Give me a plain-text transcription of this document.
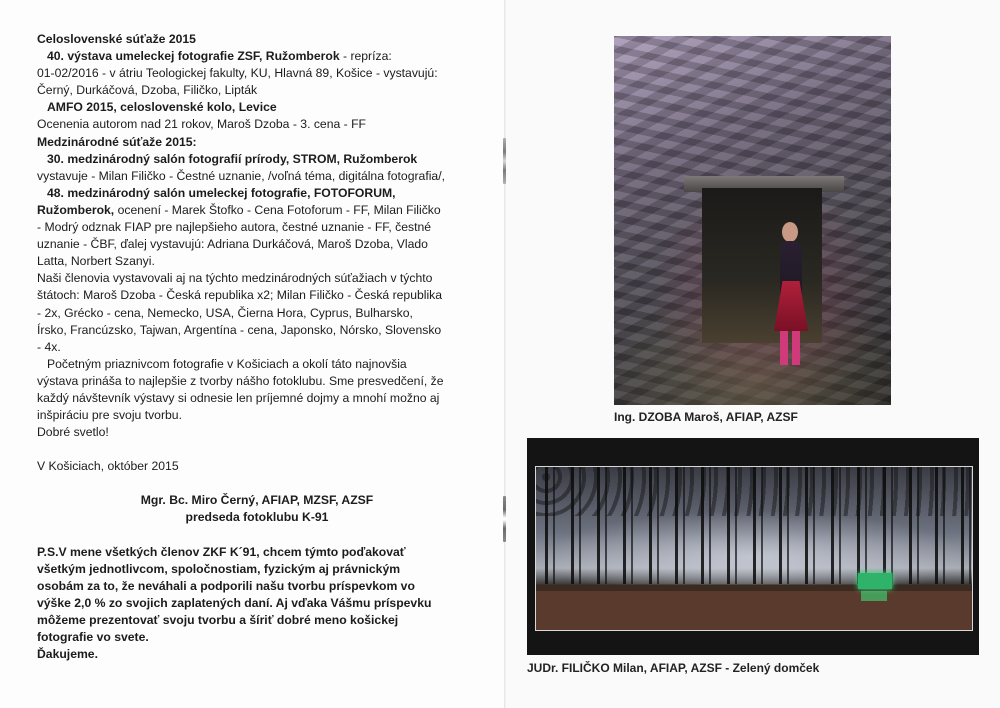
Celoslovenské súťaže 2015

40. výstava umeleckej fotografie ZSF, Ružomberok - repríza:

01-02/2016 - v átriu Teologickej fakulty, KU, Hlavná 89, Košice - vystavujú:

Černý, Durkáčová, Dzoba, Filičko, Lipták

AMFO 2015, celoslovenské kolo, Levice

Ocenenia autorom nad 21 rokov, Maroš Dzoba - 3. cena - FF

Medzinárodné súťaže 2015:

30. medzinárodný salón fotografií prírody, STROM, Ružomberok

vystavuje - Milan Filičko - Čestné uznanie, /voľná téma, digitálna fotografia/,

48. medzinárodný salón umeleckej fotografie, FOTOFORUM,

Ružomberok, ocenení - Marek Štofko - Cena Fotoforum - FF, Milan Filičko

- Modrý odznak FIAP pre najlepšieho autora, čestné uznanie - FF, čestné

uznanie - ČBF, ďalej vystavujú: Adriana Durkáčová, Maroš Dzoba, Vlado

Latta, Norbert Szanyi.

Naši členovia vystavovali aj na týchto medzinárodných súťažiach v týchto

štátoch: Maroš Dzoba - Česká republika x2; Milan Filičko - Česká republika

- 2x, Grécko - cena, Nemecko, USA, Čierna Hora, Cyprus, Bulharsko,

Írsko, Francúzsko, Tajwan, Argentína - cena, Japonsko, Nórsko, Slovensko

- 4x.

Početným priaznivcom fotografie v Košiciach a okolí táto najnovšia

výstava prináša to najlepšie z tvorby nášho fotoklubu. Sme presvedčení, že

každý návštevník výstavy si odnesie len príjemné dojmy a mnohí možno aj

inšpiráciu pre svoju tvorbu.

Dobré svetlo!

V Košiciach, október 2015

Mgr. Bc. Miro Černý, AFIAP, MZSF, AZSF

predseda fotoklubu K-91

P.S.V mene všetkých členov ZKF K´91, chcem týmto poďakovať

všetkým jednotlivcom, spoločnostiam, fyzickým aj právnickým

osobám za to, že neváhali a podporili našu tvorbu príspevkom vo

výške 2,0 % zo svojich zaplatených daní. Aj vďaka Vášmu príspevku

môžeme prezentovať svoju tvorbu a šíriť dobré meno košickej

fotografie vo svete.

Ďakujeme.

Ing. DZOBA Maroš, AFIAP, AZSF
JUDr. FILIČKO Milan, AFIAP, AZSF - Zelený domček
